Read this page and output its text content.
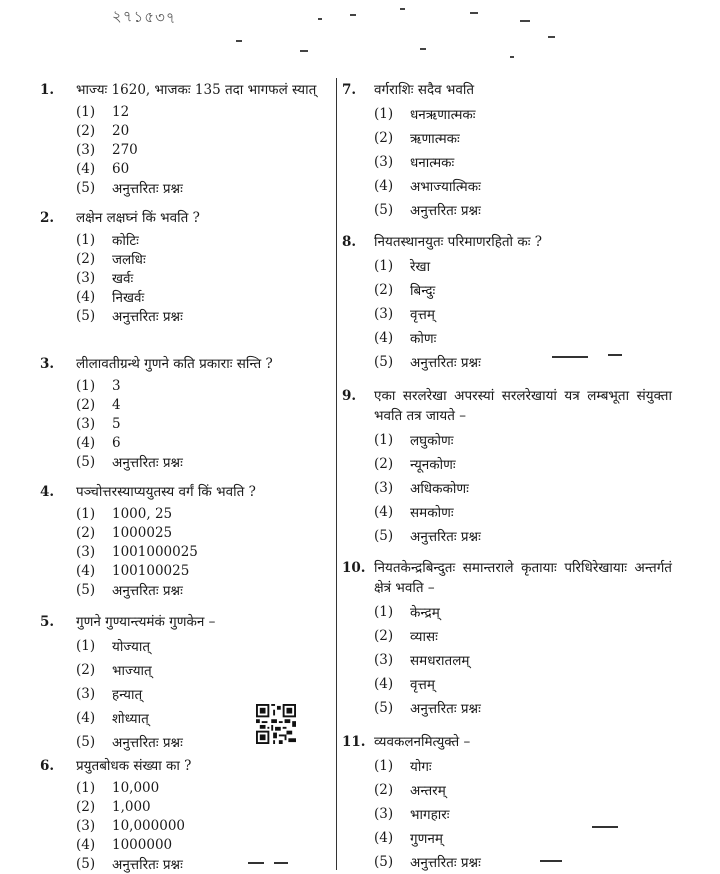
২৭১৫৩৭
1.	भाज्यः 1620, भाजकः 135 तदा भागफलं स्यात्
(1)	12
(2)	20
(3)	270
(4)	60
(5)	अनुत्तरितः प्रश्नः
2.	लक्षेन लक्षघ्नं किं भवति ?
(1)	कोटिः
(2)	जलधिः
(3)	खर्वः
(4)	निखर्वः
(5)	अनुत्तरितः प्रश्नः
3.	लीलावतीग्रन्थे गुणने कति प्रकाराः सन्ति ?
(1)	3
(2)	4
(3)	5
(4)	6
(5)	अनुत्तरितः प्रश्नः
4.	पञ्चोत्तरस्याप्ययुतस्य वर्गं किं भवति ?
(1)	1000, 25
(2)	1000025
(3)	1001000025
(4)	100100025
(5)	अनुत्तरितः प्रश्नः
5.	गुणने गुण्यान्त्यमंकं गुणकेन –
(1)	योज्यात्
(2)	भाज्यात्
(3)	हन्यात्
(4)	शोध्यात्
(5)	अनुत्तरितः प्रश्नः
6.	प्रयुतबोधक संख्या का ?
(1)	10,000
(2)	1,000
(3)	10,000000
(4)	1000000
(5)	अनुत्तरितः प्रश्नः
7.	वर्गराशिः सदैव भवति
(1)	धनऋणात्मकः
(2)	ऋणात्मकः
(3)	धनात्मकः
(4)	अभाज्यात्मिकः
(5)	अनुत्तरितः प्रश्नः
8.	नियतस्थानयुतः परिमाणरहितो कः ?
(1)	रेखा
(2)	बिन्दुः
(3)	वृत्तम्
(4)	कोणः
(5)	अनुत्तरितः प्रश्नः
9.	एका सरलरेखा अपरस्यां सरलरेखायां यत्र लम्बभूता संयुक्ता भवति तत्र जायते –
(1)	लघुकोणः
(2)	न्यूनकोणः
(3)	अधिककोणः
(4)	समकोणः
(5)	अनुत्तरितः प्रश्नः
10. नियतकेन्द्रबिन्दुतः समान्तराले कृतायाः परिधिरेखायाः अन्तर्गतं क्षेत्रं भवति –
(1)	केन्द्रम्
(2)	व्यासः
(3)	समधरातलम्
(4)	वृत्तम्
(5)	अनुत्तरितः प्रश्नः
11. व्यवकलनमित्युक्ते –
(1)	योगः
(2)	अन्तरम्
(3)	भागहारः
(4)	गुणनम्
(5)	अनुत्तरितः प्रश्नः
